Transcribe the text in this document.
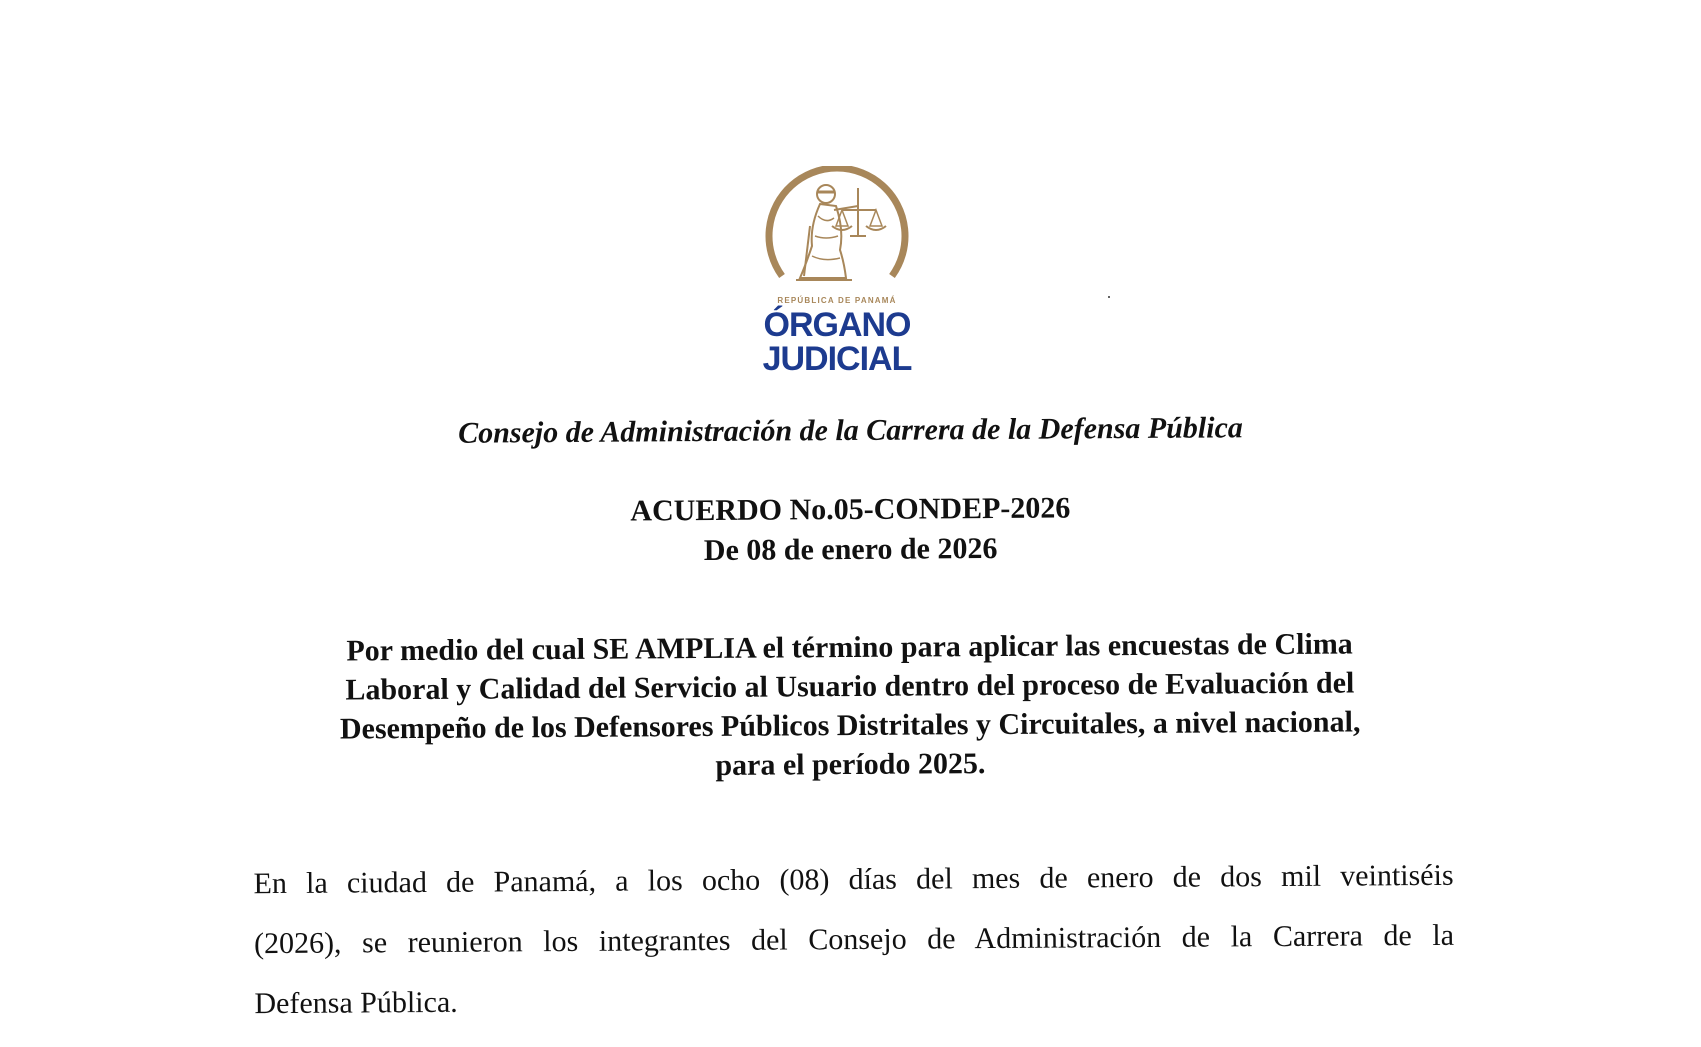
REPÚBLICA DE PANAMÁ
ÓRGANO
JUDICIAL
Consejo de Administración de la Carrera de la Defensa Pública
ACUERDO No.05-CONDEP-2026
De 08 de enero de 2026
Por medio del cual SE AMPLIA el término para aplicar las encuestas de Clima
Laboral y Calidad del Servicio al Usuario dentro del proceso de Evaluación del
Desempeño de los Defensores Públicos Distritales y Circuitales, a nivel nacional,
para el período 2025.
En la ciudad de Panamá, a los ocho (08) días del mes de enero de dos mil veintiséis
(2026), se reunieron los integrantes del Consejo de Administración de la Carrera de la
Defensa Pública.
